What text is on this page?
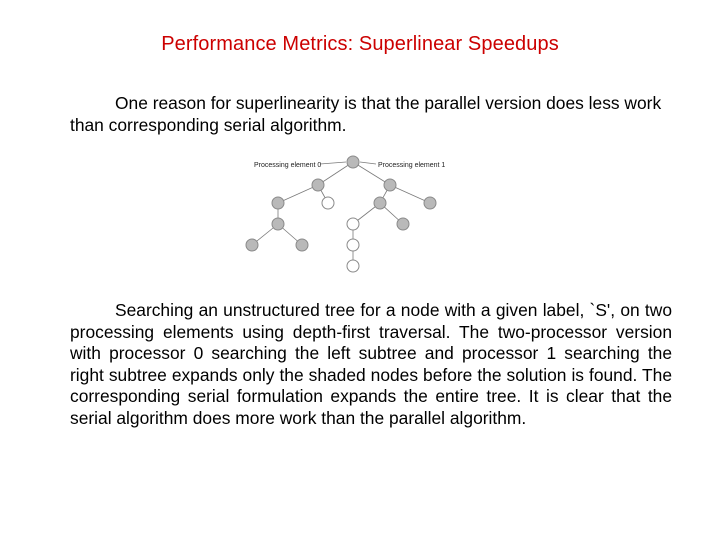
Performance Metrics: Superlinear Speedups
One reason for superlinearity is that the parallel version does less work than corresponding serial algorithm.
Processing element 0	Processing element 1
Searching an unstructured tree for a node with a given label, `S', on two processing elements using depth-first traversal. The two-processor version with processor 0 searching the left subtree and processor 1 searching the right subtree expands only the shaded nodes before the solution is found. The corresponding serial formulation expands the entire tree. It is clear that the serial algorithm does more work than the parallel algorithm.
